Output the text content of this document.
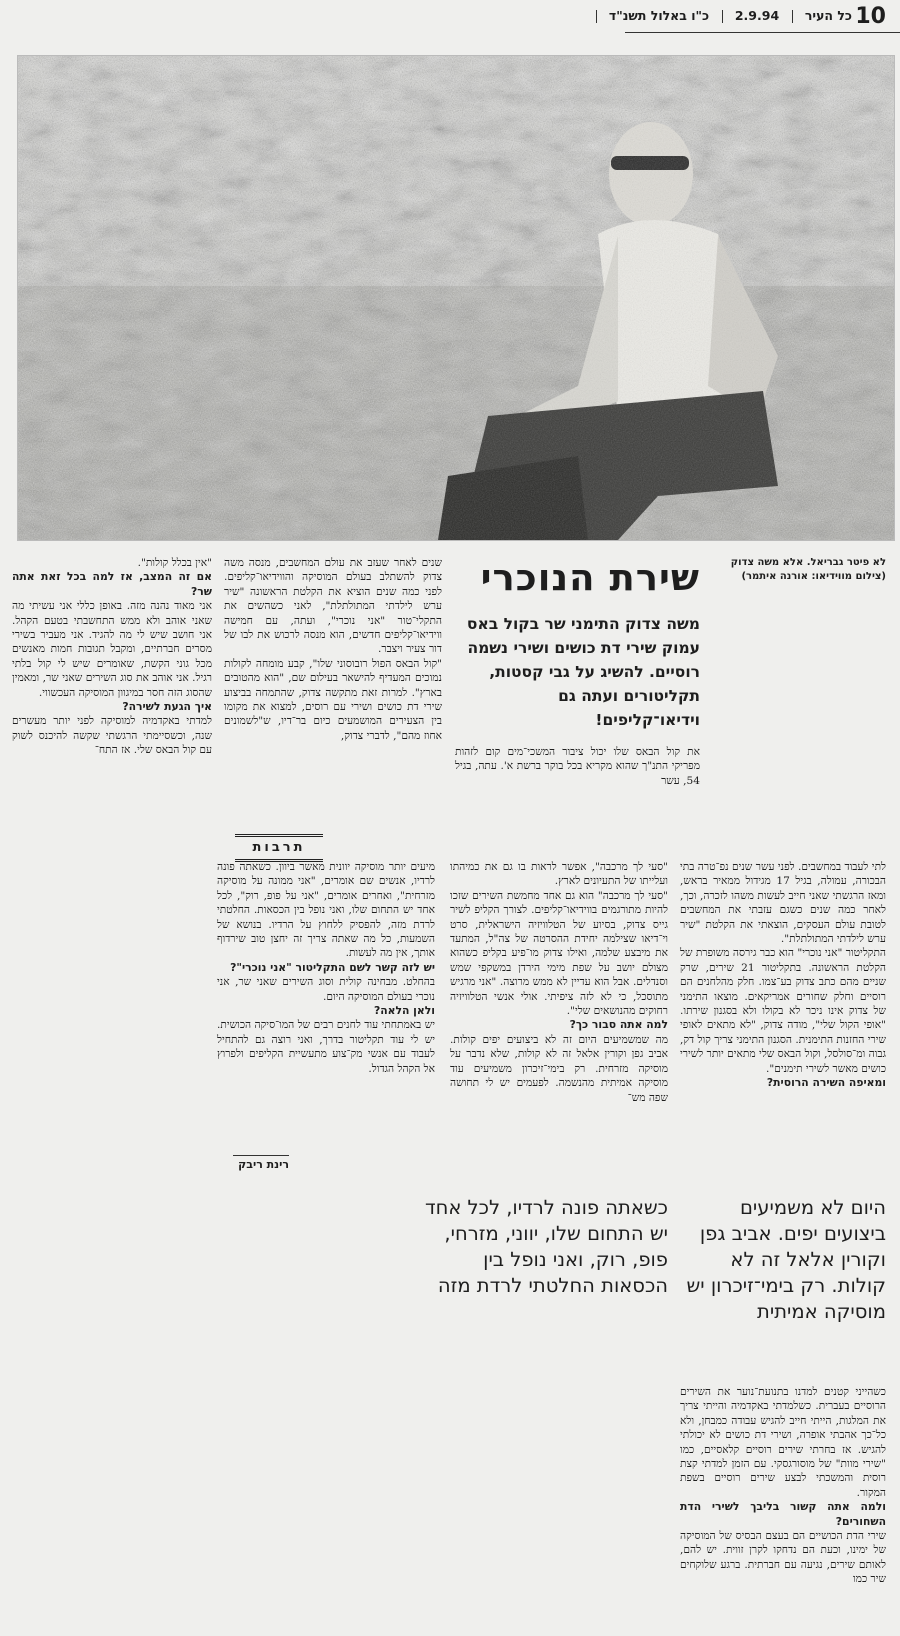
10
כל העיר  2.9.94  כ"ו באלול תשנ"ד
לא פיטר גבריאל. אלא משה צדוק
(צילום מווידיאו: אורנה איתמר)
שירת הנוכרי
משה צדוק התימני שר בקול באס עמוק שירי דת כושים ושירי נשמה רוסיים. להשיג על גבי קסטות, תקליטורים ועתה גם וידיאו־קליפים!

את קול הבאס שלו יכול ציבור המשכי־מים קום לזהות מפריקי התנ"ך שהוא מקריא בכל בוקר ברשת א'. עתה, בגיל 54, עשר

שנים לאחר שעזב את עולם המחשבים, מנסה משה צדוק להשתלב בעולם המוסיקה והווידיאו־קליפים. לפני כמה שנים הוציא את הקלטת הראשונה "שיר ערש לילדתי המתולתלת", לאני כשהשים את התקלי־טור "אני נוכרי", ועתה, עם חמישה ווידיאו־קליפים חדשים, הוא מנסה לרכוש את לבו של דור צעיר ויצבר.

"קול הבאס הפול רובוסוני שלו", קבע מומחה לקולות נמוכים המעדיף להישאר בעילום שם, "הוא מהטובים בארץ". למרות זאת מתקשה צדוק, שהתמחה בביצוע שירי דת כושים ושירי עם רוסים, למצוא את מקומו בין הצעירים המושמעים כיום בר־דיו, ש"לשמונים אחוז מהם", לדברי צדוק,

"אין בכלל קולות".

אם זה המצב, אז למה בכל זאת אתה שר?

אני מאוד נהנה מזה. באופן כללי אני עשיתי מה שאני אוהב ולא ממש התחשבתי בטעם הקהל. אני חושב שיש לי מה להגיד. אני מעביר בשירי מסרים חברתיים, ומקבל תגובות חמות מאנשים מכל גוני הקשת, שאומרים שיש לי קול בלתי רגיל. אני אוהב את סוג השירים שאני שר, ומאמין שהסוג הזה חסר במיגוון המוסיקה העכשווי.

איך הגעת לשירה?

למדתי באקדמיה למוסיקה לפני יותר מעשרים שנה, וכשסיימתי הרגשתי שקשה להיכנס לשוק עם קול הבאס שלי. אז התח־

תרבות

לתי לעבוד במחשבים. לפני עשר שנים נפ־טרה בתי הבכורה, עמולה, בגיל 17 מגידול ממאיר בראש, ומאז הרגשתי שאני חייב לעשות משהו לזכרה, וכך, לאחר כמה שנים כשגם עזבתי את המחשבים לטובת עולם העסקים, הוצאתי את הקלטת "שיר ערש לילדתי המתולתלת".

התקליטור "אני נוכרי" הוא כבר גירסה משופרת של הקלטת הראשונה. בתקליטור 21 שירים, שרק שניים מהם כתב צדוק בע־צמו. חלק מהלחנים הם רוסיים וחלק שחורים אמריקאים. מוצאו התימני של צדוק אינו ניכר לא בקולו ולא בסגנון שירתו. "אופי הקול שלי", מודה צדוק, "לא מתאים לאופי שירי החזנות התימנית. הסגנון התימני צריך קול דק, גבוה ומ־סולסל, וקול הבאס שלי מתאים יותר לשירי כושים מאשר לשירי תימנים".

ומאיפה השירה הרוסית?

"סעי לך מרכבה", אפשר לראות בו גם את כמיהתו ועלייתו של התעיונים לארץ.

"סעי לך מרכבה" הוא גם אחד מחמשת השירים שזכו להיות מתורגמים בווידיאו־קליפים. לצורך הקליפ לשיר גייס צדוק, בסיוע של הטלוויזיה הישראלית, סרט וי־דיאו שצילמה יחידת ההסרטה של צה"ל, המתעד את מיבצע שלמה, ואילו צדוק מו־פיע בקליפ כשהוא מצולם יושב על שפת מימי הירדן במשקפי שמש וסנדלים. אבל הוא עדיין לא ממש מרוצה. "אני מרגיש מתוסכל, כי לא לזה ציפיתי. אולי אנשי הטלוויזיה רחוקים מהנושאים שלי".

למה אתה סבור כך?

מה שמשמיעים היום זה לא ביצועים יפים קולות. אביב גפן וקורין אלאל זה לא קולות, שלא נדבר על מוסיקה מזרחית. רק בימי־זיכרון משמיעים עוד מוסיקה אמיתית מהנשמה. לפעמים יש לי תחושה שפה מש־

מיעים יותר מוסיקה יוונית מאשר ביוון. כשאתה פונה לרדיו, אנשים שם אומרים, "אני ממונה על מוסיקה מזרחית", ואחרים אומרים, "אני על פופ, רוק", לכל אחד יש התחום שלו, ואני נופל בין הכסאות. החלטתי לרדת מזה, להפסיק ללחוץ על הרדיו. בנושא של השמעות, כל מה שאתה צריך זה יחצן טוב שירדוף אותך, אין מה לעשות.

יש לזה קשר לשם התקליטור "אני נוכרי"?

בהחלט. מבחינה קולית וסוג השירים שאני שר, אני נוכרי בעולם המוסיקה היום.

ולאן הלאה?

יש באמתחתי עוד לחנים רבים של המו־סיקה הכושית. יש לי עוד תקליטור בדרך, ואני רוצה גם להתחיל לעבוד עם אנשי מק־צוע מתעשיית הקליפים ולפרוץ אל הקהל הגדול.

רינת ריבק
היום לא משמיעים ביצועים יפים. אביב גפן וקורין אלאל זה לא קולות. רק בימי־זיכרון יש מוסיקה אמיתית
כשאתה פונה לרדיו, לכל אחד יש התחום שלו, יווני, מזרחי, פופ, רוק, ואני נופל בין הכסאות החלטתי לרדת מזה

כשהייני קטנים למדנו בתנועת־נוער את השירים הרוסיים בעברית. כשלמדתי באקדמיה והייתי צריך את המלגות, הייתי חייב להגיש עבודה כמבחן, ולא כל־כך אהבתי אופרה, ושירי דת כושים לא יכולתי להגיש. אז בחרתי שירים רוסיים קלאסיים, כמו "שירי מוות" של מוסורגסקי. עם הזמן למדתי קצת רוסית והמשכתי לבצע שירים רוסיים בשפת המקור.

ולמה אתה קשור בליבך לשירי הדת השחורים?

שירי הדת הכושיים הם בעצם הבסיס של המוסיקה של ימינו, וכעת הם נדחקו לקרן זווית. יש להם, לאותם שירים, נגיעה עם חברתית. ברגע שלוקחים שיר כמו
